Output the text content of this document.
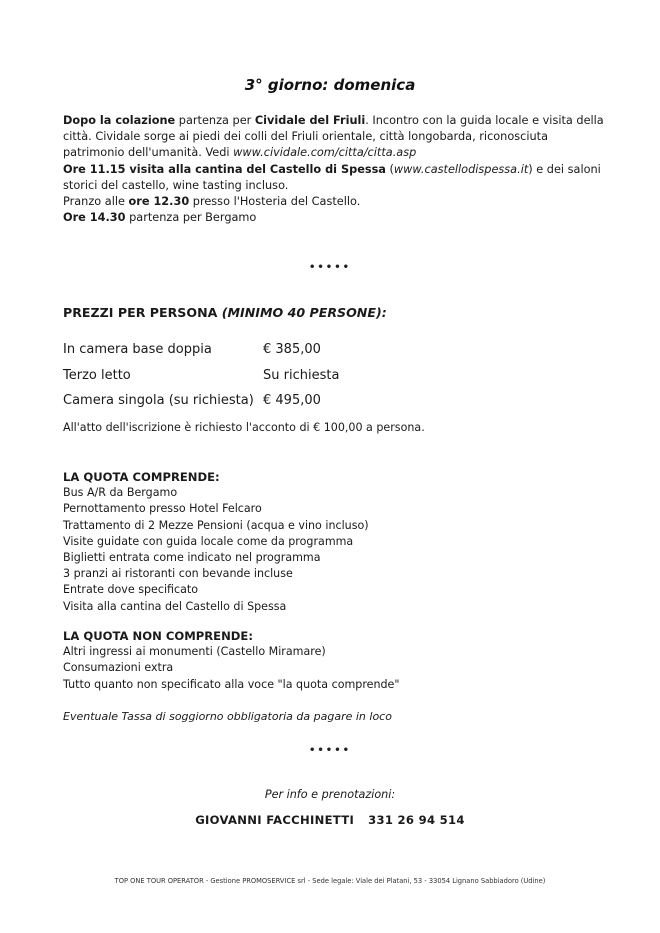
3° giorno: domenica

Dopo la colazione partenza per Cividale del Friuli. Incontro con la guida locale e visita della città. Cividale sorge ai piedi dei colli del Friuli orientale, città longobarda, riconosciuta patrimonio dell'umanità. Vedi www.cividale.com/citta/citta.asp

Ore 11.15 visita alla cantina del Castello di Spessa (www.castellodispessa.it) e dei saloni storici del castello, wine tasting incluso.

Pranzo alle ore 12.30 presso l'Hosteria del Castello.

Ore 14.30 partenza per Bergamo

•••••
PREZZI PER PERSONA (MINIMO 40 PERSONE):
In camera base doppia	€ 385,00
Terzo letto	Su richiesta
Camera singola (su richiesta) € 495,00
All'atto dell'iscrizione è richiesto l'acconto di € 100,00 a persona.
LA QUOTA COMPRENDE:
Bus A/R da Bergamo
Pernottamento presso Hotel Felcaro
Trattamento di 2 Mezze Pensioni (acqua e vino incluso)
Visite guidate con guida locale come da programma
Biglietti entrata come indicato nel programma
3 pranzi ai ristoranti con bevande incluse
Entrate dove specificato
Visita alla cantina del Castello di Spessa
LA QUOTA NON COMPRENDE:
Altri ingressi ai monumenti (Castello Miramare)
Consumazioni extra
Tutto quanto non specificato alla voce "la quota comprende"
Eventuale Tassa di soggiorno obbligatoria da pagare in loco
•••••
Per info e prenotazioni:
GIOVANNI FACCHINETTI 331 26 94 514
TOP ONE TOUR OPERATOR - Gestione PROMOSERVICE srl - Sede legale: Viale dei Platani, 53 - 33054 Lignano Sabbiadoro (Udine)
